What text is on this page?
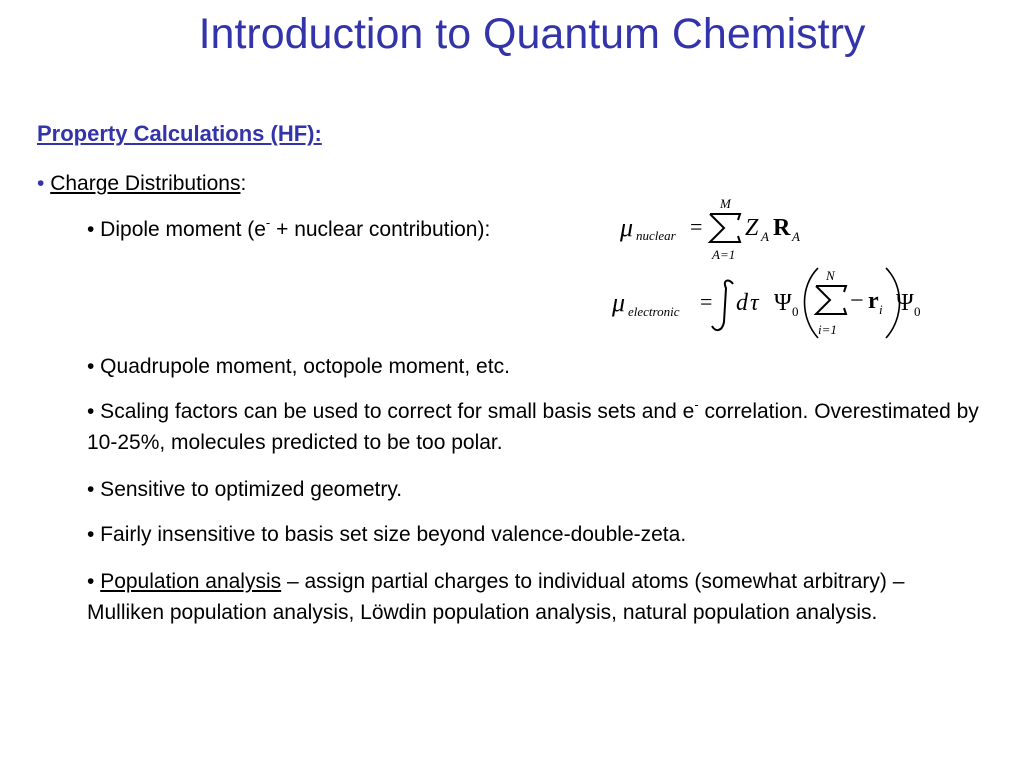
Introduction to Quantum Chemistry
Property Calculations (HF):
• Charge Distributions:
• Dipole moment (e- + nuclear contribution):	μ nuclear =
M
A=1
Z A R A
μ electronic = d τ Ψ 0
N
i=1
− r i Ψ 0
• Quadrupole moment, octopole moment, etc.
• Scaling factors can be used to correct for small basis sets and e- correlation. Overestimated by 10-25%, molecules predicted to be too polar.
• Sensitive to optimized geometry.
• Fairly insensitive to basis set size beyond valence-double-zeta.
• Population analysis – assign partial charges to individual atoms (somewhat arbitrary) – Mulliken population analysis, Löwdin population analysis, natural population analysis.
